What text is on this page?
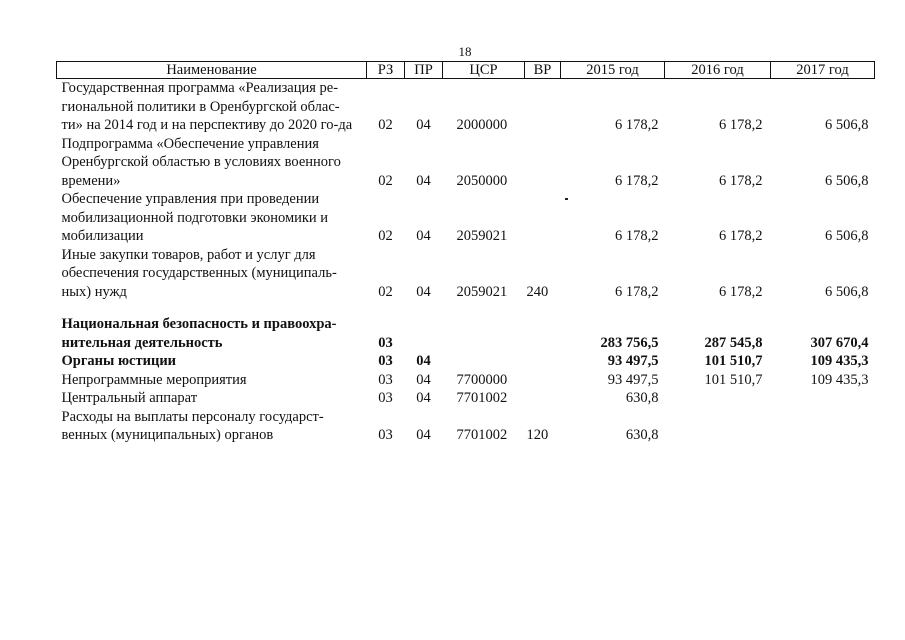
18
Наименование	РЗ	ПР	ЦСР	ВР	2015 год	2016 год	2017 год
Государственная программа «Реализация ре-гиональной политики в Оренбургской облас-ти» на 2014 год и на перспективу до 2020 го-да	02	04	2000000		6 178,2	6 178,2	6 506,8
Подпрограмма «Обеспечение управления Оренбургской областью в условиях военного времени»	02	04	2050000		6 178,2	6 178,2	6 506,8
Обеспечение управления при проведении мобилизационной подготовки экономики и мобилизации	02	04	2059021		6 178,2	6 178,2	6 506,8
Иные закупки товаров, работ и услуг для обеспечения государственных (муниципаль-ных) нужд	02	04	2059021	240	6 178,2	6 178,2	6 506,8

Национальная безопасность и правоохра-нительная деятельность	03				283 756,5	287 545,8	307 670,4
Органы юстиции	03	04			93 497,5	101 510,7	109 435,3
Непрограммные мероприятия	03	04	7700000		93 497,5	101 510,7	109 435,3
Центральный аппарат	03	04	7701002		630,8		
Расходы на выплаты персоналу государст-венных (муниципальных) органов	03	04	7701002	120	630,8		
